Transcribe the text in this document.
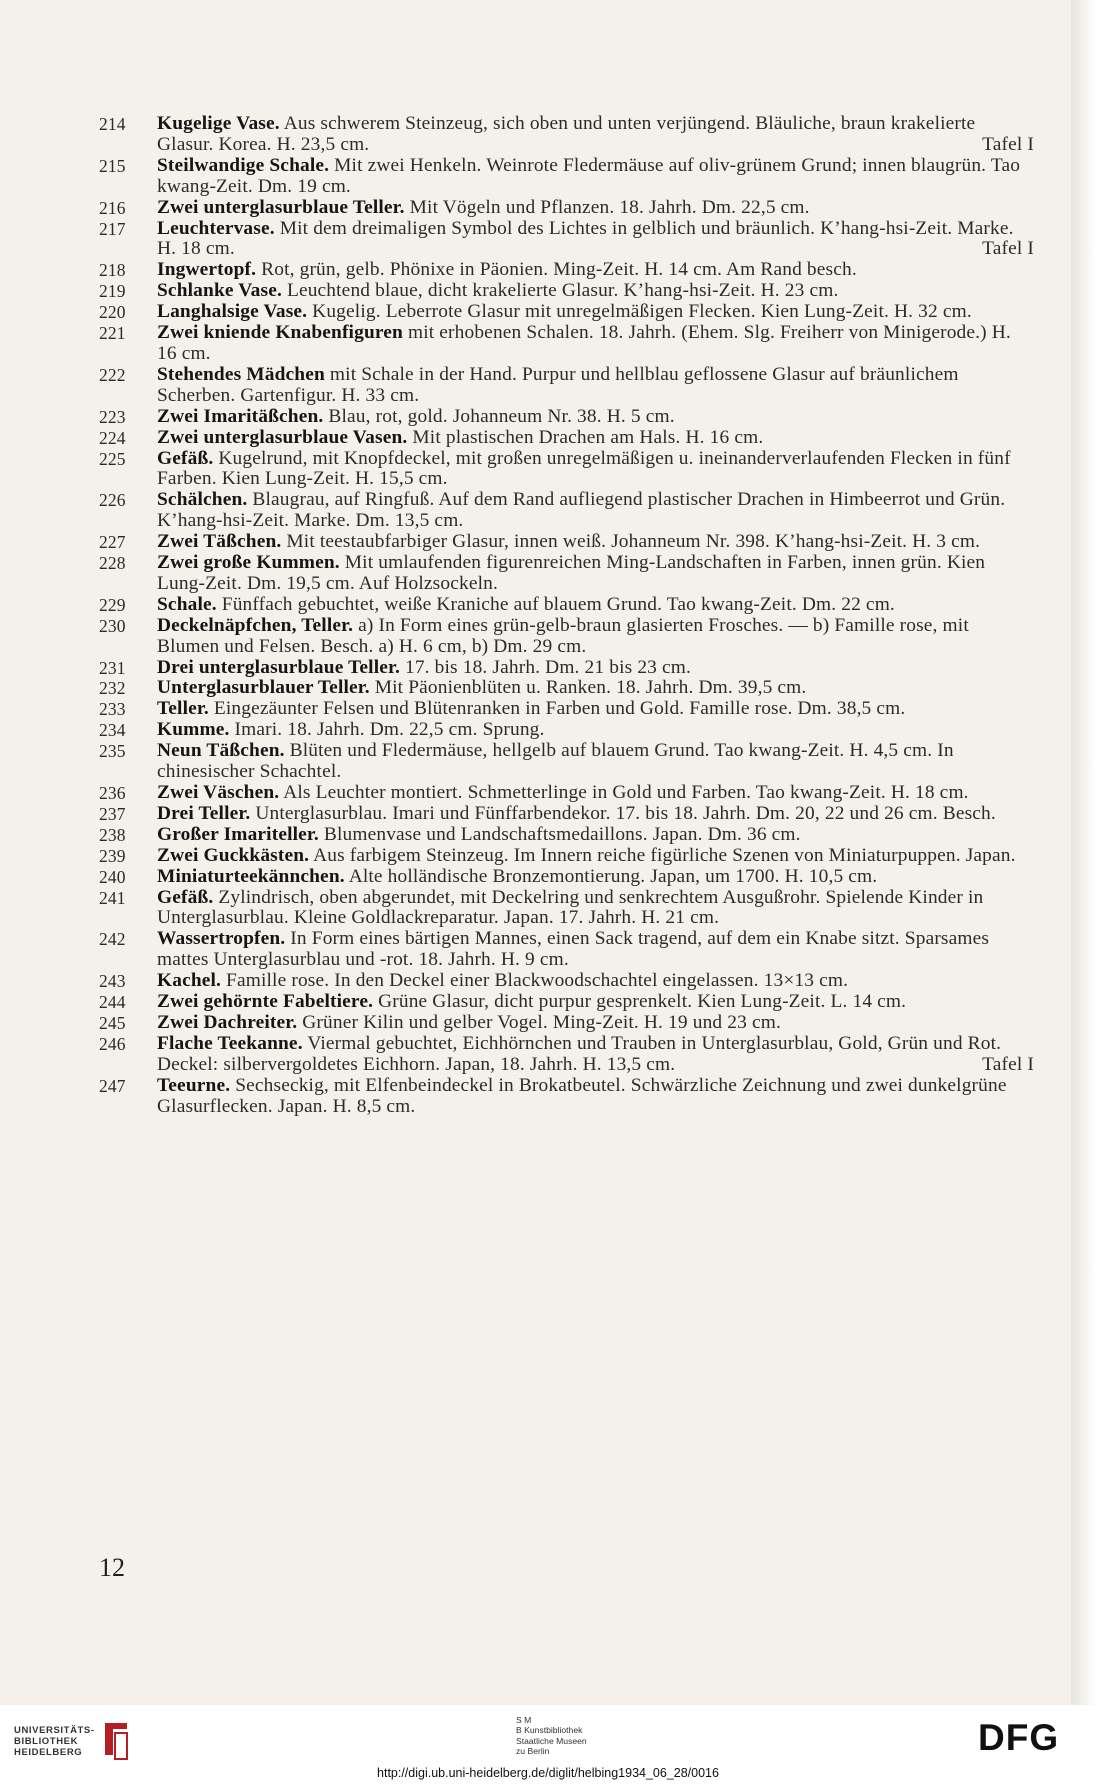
214	Kugelige Vase. Aus schwerem Steinzeug, sich oben und unten verjüngend. Bläuliche, braun krakelierte Glasur. Korea. H. 23,5 cm.	Tafel I
215	Steilwandige Schale. Mit zwei Henkeln. Weinrote Fledermäuse auf oliv-grünem Grund; innen blaugrün. Tao kwang-Zeit. Dm. 19 cm.
216	Zwei unterglasurblaue Teller. Mit Vögeln und Pflanzen. 18. Jahrh. Dm. 22,5 cm.
217	Leuchtervase. Mit dem dreimaligen Symbol des Lichtes in gelblich und bräunlich. K’hang-hsi-Zeit. Marke. H. 18 cm.	Tafel I
218	Ingwertopf. Rot, grün, gelb. Phönixe in Päonien. Ming-Zeit. H. 14 cm. Am Rand besch.
219	Schlanke Vase. Leuchtend blaue, dicht krakelierte Glasur. K’hang-hsi-Zeit. H. 23 cm.
220	Langhalsige Vase. Kugelig. Leberrote Glasur mit unregelmäßigen Flecken. Kien Lung-Zeit. H. 32 cm.
221	Zwei kniende Knabenfiguren mit erhobenen Schalen. 18. Jahrh. (Ehem. Slg. Freiherr von Minigerode.) H. 16 cm.
222	Stehendes Mädchen mit Schale in der Hand. Purpur und hellblau geflossene Glasur auf bräunlichem Scherben. Gartenfigur. H. 33 cm.
223	Zwei Imaritäßchen. Blau, rot, gold. Johanneum Nr. 38. H. 5 cm.
224	Zwei unterglasurblaue Vasen. Mit plastischen Drachen am Hals. H. 16 cm.
225	Gefäß. Kugelrund, mit Knopfdeckel, mit großen unregelmäßigen u. ineinanderverlaufenden Flecken in fünf Farben. Kien Lung-Zeit. H. 15,5 cm.
226	Schälchen. Blaugrau, auf Ringfuß. Auf dem Rand aufliegend plastischer Drachen in Himbeerrot und Grün. K’hang-hsi-Zeit. Marke. Dm. 13,5 cm.
227	Zwei Täßchen. Mit teestaubfarbiger Glasur, innen weiß. Johanneum Nr. 398. K’hang-hsi-Zeit. H. 3 cm.
228	Zwei große Kummen. Mit umlaufenden figurenreichen Ming-Landschaften in Farben, innen grün. Kien Lung-Zeit. Dm. 19,5 cm. Auf Holzsockeln.
229	Schale. Fünffach gebuchtet, weiße Kraniche auf blauem Grund. Tao kwang-Zeit. Dm. 22 cm.
230	Deckelnäpfchen, Teller. a) In Form eines grün-gelb-braun glasierten Frosches. — b) Famille rose, mit Blumen und Felsen. Besch. a) H. 6 cm, b) Dm. 29 cm.
231	Drei unterglasurblaue Teller. 17. bis 18. Jahrh. Dm. 21 bis 23 cm.
232	Unterglasurblauer Teller. Mit Päonienblüten u. Ranken. 18. Jahrh. Dm. 39,5 cm.
233	Teller. Eingezäunter Felsen und Blütenranken in Farben und Gold. Famille rose. Dm. 38,5 cm.
234	Kumme. Imari. 18. Jahrh. Dm. 22,5 cm. Sprung.
235	Neun Täßchen. Blüten und Fledermäuse, hellgelb auf blauem Grund. Tao kwang-Zeit. H. 4,5 cm. In chinesischer Schachtel.
236	Zwei Väschen. Als Leuchter montiert. Schmetterlinge in Gold und Farben. Tao kwang-Zeit. H. 18 cm.
237	Drei Teller. Unterglasurblau. Imari und Fünffarbendekor. 17. bis 18. Jahrh. Dm. 20, 22 und 26 cm. Besch.
238	Großer Imariteller. Blumenvase und Landschaftsmedaillons. Japan. Dm. 36 cm.
239	Zwei Guckkästen. Aus farbigem Steinzeug. Im Innern reiche figürliche Szenen von Miniaturpuppen. Japan.
240	Miniaturteekännchen. Alte holländische Bronzemontierung. Japan, um 1700. H. 10,5 cm.
241	Gefäß. Zylindrisch, oben abgerundet, mit Deckelring und senkrechtem Ausgußrohr. Spielende Kinder in Unterglasurblau. Kleine Goldlackreparatur. Japan. 17. Jahrh. H. 21 cm.
242	Wassertropfen. In Form eines bärtigen Mannes, einen Sack tragend, auf dem ein Knabe sitzt. Sparsames mattes Unterglasurblau und -rot. 18. Jahrh. H. 9 cm.
243	Kachel. Famille rose. In den Deckel einer Blackwoodschachtel eingelassen. 13×13 cm.
244	Zwei gehörnte Fabeltiere. Grüne Glasur, dicht purpur gesprenkelt. Kien Lung-Zeit. L. 14 cm.
245	Zwei Dachreiter. Grüner Kilin und gelber Vogel. Ming-Zeit. H. 19 und 23 cm.
246	Flache Teekanne. Viermal gebuchtet, Eichhörnchen und Trauben in Unterglasurblau, Gold, Grün und Rot. Deckel: silbervergoldetes Eichhorn. Japan, 18. Jahrh. H. 13,5 cm.	Tafel I
247	Teeurne. Sechseckig, mit Elfenbeindeckel in Brokatbeutel. Schwärzliche Zeichnung und zwei dunkelgrüne Glasurflecken. Japan. H. 8,5 cm.
12
UNIVERSITÄTS-
BIBLIOTHEK
HEIDELBERG
S M
B Kunstbibliothek
Staatliche Museen
zu Berlin	DFG
http://digi.ub.uni-heidelberg.de/diglit/helbing1934_06_28/0016
